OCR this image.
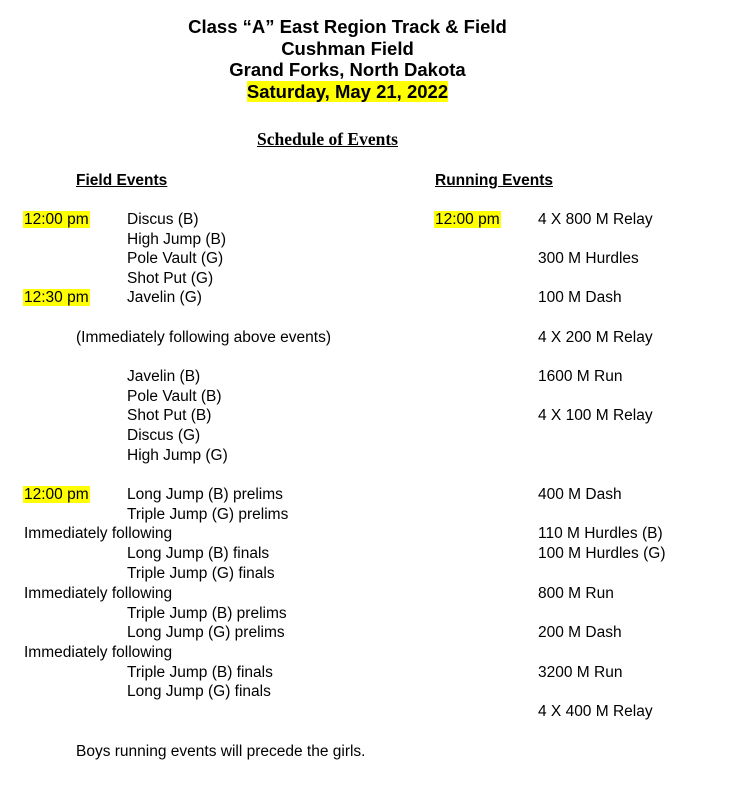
Class “A” East Region Track & Field
Cushman Field
Grand Forks, North Dakota
Saturday, May 21, 2022
Schedule of Events
Field Events
12:00 pm Discus (B)
High Jump (B)
Pole Vault (G)
Shot Put (G)
12:30 pm Javelin (G)
(Immediately following above events)
Javelin (B)
Pole Vault (B)
Shot Put (B)
Discus (G)
High Jump (G)
12:00 pm Long Jump (B) prelims
Triple Jump (G) prelims
Immediately following
Long Jump (B) finals
Triple Jump (G) finals
Immediately following
Triple Jump (B) prelims
Long Jump (G) prelims
Immediately following
Triple Jump (B) finals
Long Jump (G) finals
Running Events
12:00 pm 4 X 800 M Relay
300 M Hurdles
100 M Dash
4 X 200 M Relay
1600 M Run
4 X 100 M Relay
400 M Dash
110 M Hurdles (B)
100 M Hurdles (G)
800 M Run
200 M Dash
3200 M Run
4 X 400 M Relay
Boys running events will precede the girls.
